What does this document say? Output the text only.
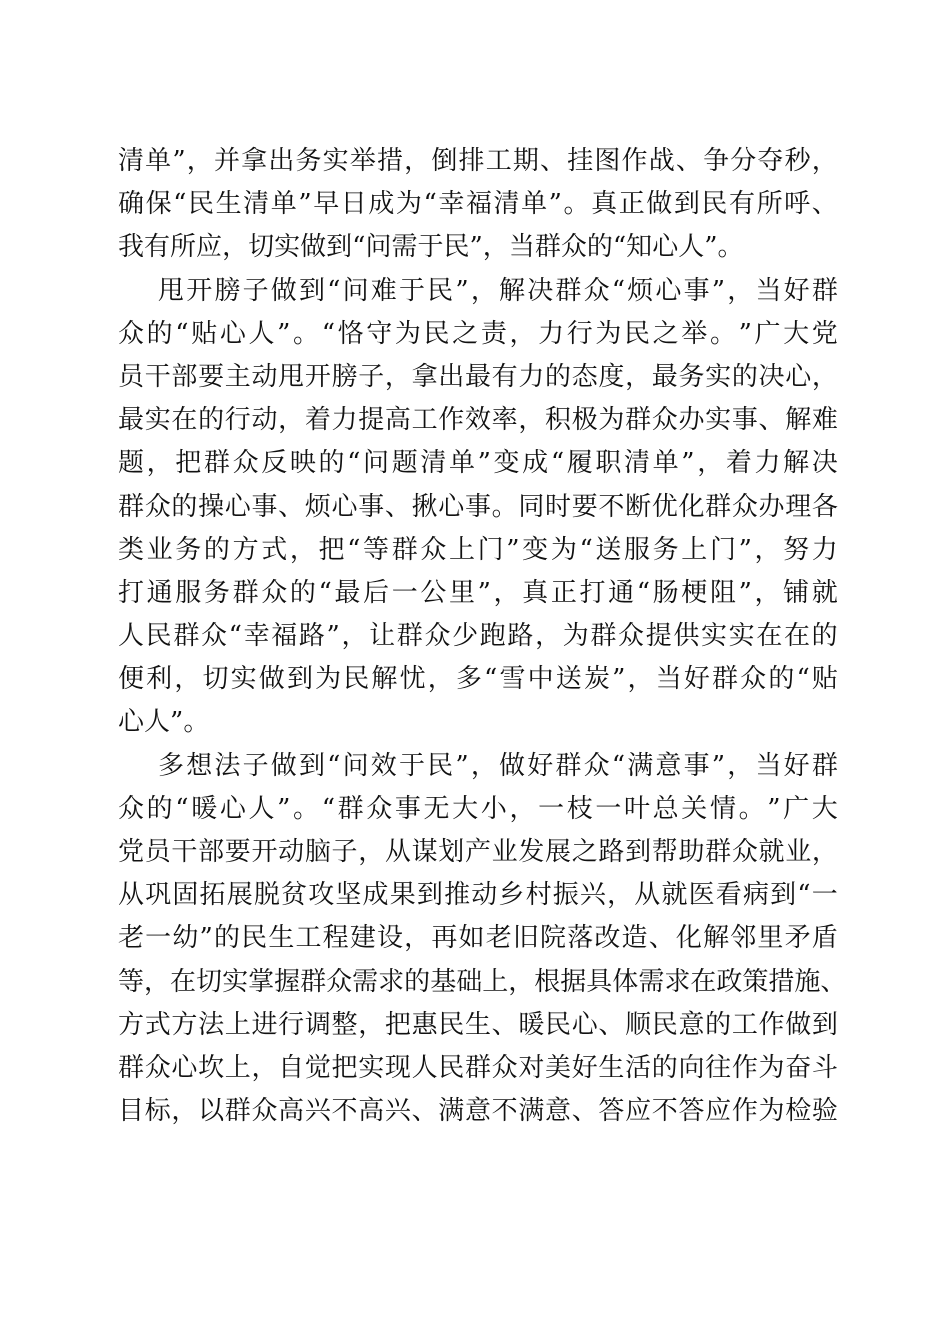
清 单 ” ， 并 拿 出 务 实 举 措 ， 倒 排 工 期 、 挂 图 作 战 、 争 分 夺 秒 ，
确 保 “ 民 生 清 单 ” 早 日 成 为 “ 幸 福 清 单 ” 。 真 正 做 到 民 有 所 呼 、
我 有 所 应 ， 切 实 做 到 “ 问 需 于 民 ” ， 当 群 众 的 “ 知 心 人 ” 。
甩 开 膀 子 做 到 “ 问 难 于 民 ” ， 解 决 群 众 “ 烦 心 事 ” ， 当 好 群
众 的 “ 贴 心 人 ” 。 “ 恪 守 为 民 之 责 ， 力 行 为 民 之 举 。 ” 广 大 党
员 干 部 要 主 动 甩 开 膀 子 ， 拿 出 最 有 力 的 态 度 ， 最 务 实 的 决 心 ，
最 实 在 的 行 动 ， 着 力 提 高 工 作 效 率 ， 积 极 为 群 众 办 实 事 、 解 难
题 ， 把 群 众 反 映 的 “ 问 题 清 单 ” 变 成 “ 履 职 清 单 ” ， 着 力 解 决
群 众 的 操 心 事 、 烦 心 事 、 揪 心 事 。 同 时 要 不 断 优 化 群 众 办 理 各
类 业 务 的 方 式 ， 把 “ 等 群 众 上 门 ” 变 为 “ 送 服 务 上 门 ” ， 努 力
打 通 服 务 群 众 的 “ 最 后 一 公 里 ” ， 真 正 打 通 “ 肠 梗 阻 ” ， 铺 就
人 民 群 众 “ 幸 福 路 ” ， 让 群 众 少 跑 路 ， 为 群 众 提 供 实 实 在 在 的
便 利 ， 切 实 做 到 为 民 解 忧 ， 多 “ 雪 中 送 炭 ” ， 当 好 群 众 的 “ 贴
心 人 ” 。
多 想 法 子 做 到 “ 问 效 于 民 ” ， 做 好 群 众 “ 满 意 事 ” ， 当 好 群
众 的 “ 暖 心 人 ” 。 “ 群 众 事 无 大 小 ， 一 枝 一 叶 总 关 情 。 ” 广 大
党 员 干 部 要 开 动 脑 子 ， 从 谋 划 产 业 发 展 之 路 到 帮 助 群 众 就 业 ，
从 巩 固 拓 展 脱 贫 攻 坚 成 果 到 推 动 乡 村 振 兴 ， 从 就 医 看 病 到 “ 一
老 一 幼 ” 的 民 生 工 程 建 设 ， 再 如 老 旧 院 落 改 造 、 化 解 邻 里 矛 盾
等 ， 在 切 实 掌 握 群 众 需 求 的 基 础 上 ， 根 据 具 体 需 求 在 政 策 措 施 、
方 式 方 法 上 进 行 调 整 ， 把 惠 民 生 、 暖 民 心 、 顺 民 意 的 工 作 做 到
群 众 心 坎 上 ， 自 觉 把 实 现 人 民 群 众 对 美 好 生 活 的 向 往 作 为 奋 斗
目 标 ， 以 群 众 高 兴 不 高 兴 、 满 意 不 满 意 、 答 应 不 答 应 作 为 检 验
